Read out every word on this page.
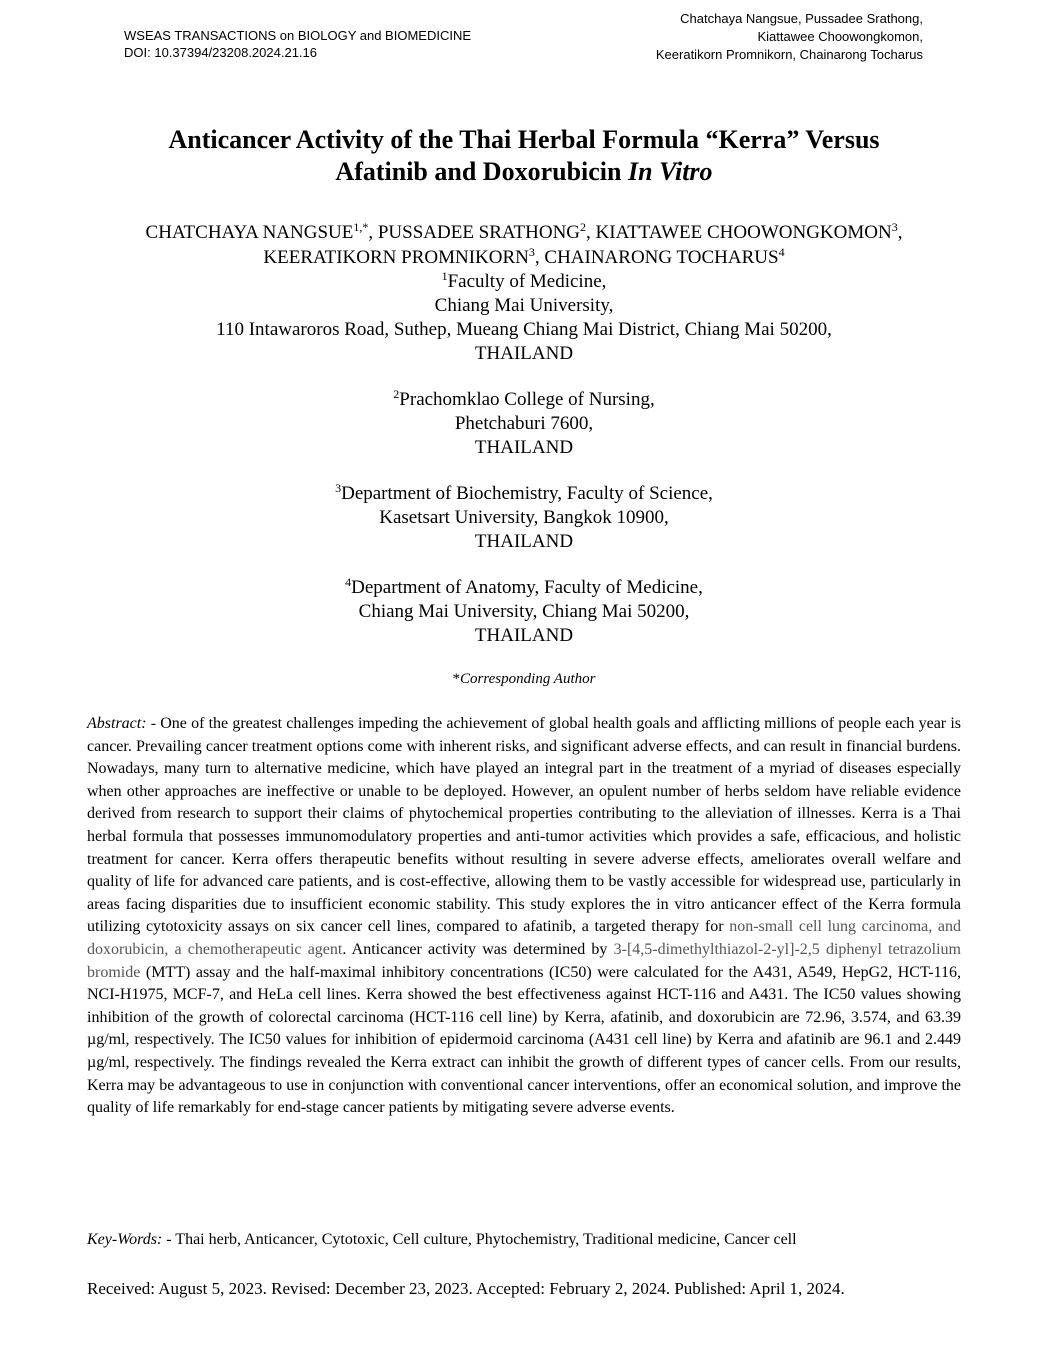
WSEAS TRANSACTIONS on BIOLOGY and BIOMEDICINE
DOI: 10.37394/23208.2024.21.16
Chatchaya Nangsue, Pussadee Srathong,
Kiattawee Choowongkomon,
Keeratikorn Promnikorn, Chainarong Tocharus
Anticancer Activity of the Thai Herbal Formula “Kerra” Versus
Afatinib and Doxorubicin In Vitro
CHATCHAYA $NANGSUE^{1,*}$, PUSSADEE SRATHONG$^2$, KIATTAWEE CHOOWONGKOMON$^3$,
KEERATIKORN PROMNIKORN$^3$, CHAINARONG TOCHARUS$^4$
$^1$Faculty of Medicine,
Chiang Mai University,
110 Intawaroros Road, Suthep, Mueang Chiang Mai District, Chiang Mai 50200,
THAILAND
$^2$Prachomklao College of Nursing,
Phetchaburi 7600,
THAILAND
$^3$Department of Biochemistry, Faculty of Science,
Kasetsart University, Bangkok 10900,
THAILAND
$^4$Department of Anatomy, Faculty of Medicine,
Chiang Mai University, Chiang Mai 50200,
THAILAND
*Corresponding Author
Abstract: - One of the greatest challenges impeding the achievement of global health goals and afflicting millions of people each year is cancer. Prevailing cancer treatment options come with inherent risks, and significant adverse effects, and can result in financial burdens. Nowadays, many turn to alternative medicine, which have played an integral part in the treatment of a myriad of diseases especially when other approaches are ineffective or unable to be deployed. However, an opulent number of herbs seldom have reliable evidence derived from research to support their claims of phytochemical properties contributing to the alleviation of illnesses. Kerra is a Thai herbal formula that possesses immunomodulatory properties and anti-tumor activities which provides a safe, efficacious, and holistic treatment for cancer. Kerra offers therapeutic benefits without resulting in severe adverse effects, ameliorates overall welfare and quality of life for advanced care patients, and is cost-effective, allowing them to be vastly accessible for widespread use, particularly in areas facing disparities due to insufficient economic stability. This study explores the in vitro anticancer effect of the Kerra formula utilizing cytotoxicity assays on six cancer cell lines, compared to afatinib, a targeted therapy for non-small cell lung carcinoma, and doxorubicin, a chemotherapeutic agent. Anticancer activity was determined by 3-[4,5-dimethylthiazol-2-yl]-2,5 diphenyl tetrazolium bromide (MTT) assay and the half-maximal inhibitory concentrations (IC50) were calculated for the A431, A549, HepG2, HCT-116, NCI-H1975, MCF-7, and HeLa cell lines. Kerra showed the best effectiveness against HCT-116 and A431. The IC50 values showing inhibition of the growth of colorectal carcinoma (HCT-116 cell line) by Kerra, afatinib, and doxorubicin are 72.96, 3.574, and 63.39 µg/ml, respectively. The IC50 values for inhibition of epidermoid carcinoma (A431 cell line) by Kerra and afatinib are 96.1 and 2.449 µg/ml, respectively. The findings revealed the Kerra extract can inhibit the growth of different types of cancer cells. From our results, Kerra may be advantageous to use in conjunction with conventional cancer interventions, offer an economical solution, and improve the quality of life remarkably for end-stage cancer patients by mitigating severe adverse events.
Key-Words: - Thai herb, Anticancer, Cytotoxic, Cell culture, Phytochemistry, Traditional medicine, Cancer cell
Received: August 5, 2023. Revised: December 23, 2023. Accepted: February 2, 2024. Published: April 1, 2024.
